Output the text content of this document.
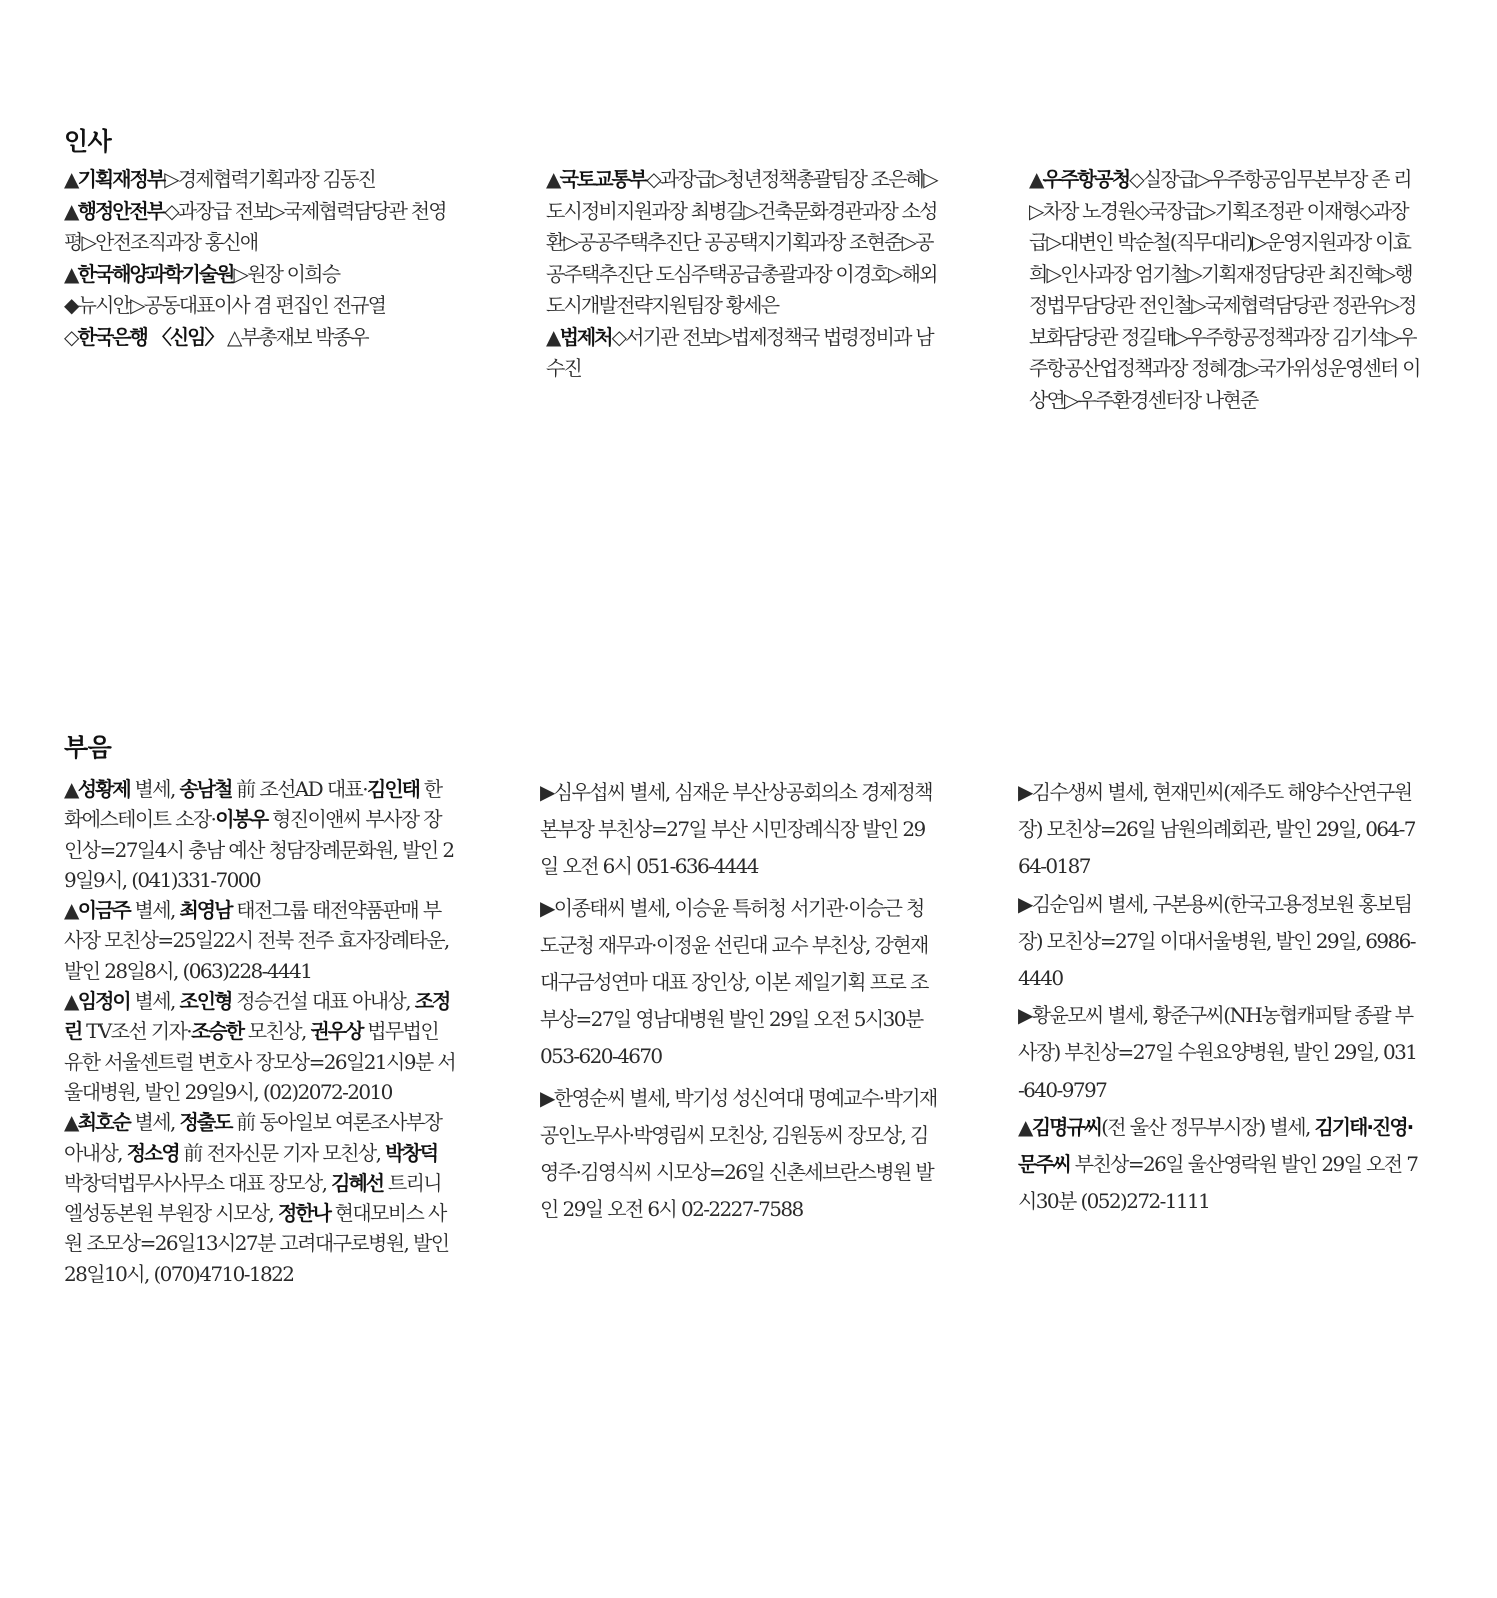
인사

▲기획재정부▷경제협력기획과장 김동진

▲행정안전부◇과장급 전보▷국제협력담당관 천영평▷안전조직과장 홍신애

▲한국해양과학기술원▷원장 이희승

◆뉴시안▷공동대표이사 겸 편집인 전규열

◇한국은행 〈신임〉 △부총재보 박종우

▲국토교통부◇과장급▷청년정책총괄팀장 조은혜▷도시정비지원과장 최병길▷건축문화경관과장 소성환▷공공주택추진단 공공택지기획과장 조현준▷공공주택추진단 도심주택공급총괄과장 이경호▷해외도시개발전략지원팀장 황세은

▲법제처◇서기관 전보▷법제정책국 법령정비과 남수진

▲우주항공청◇실장급▷우주항공임무본부장 존 리▷차장 노경원◇국장급▷기획조정관 이재형◇과장급▷대변인 박순철(직무대리)▷운영지원과장 이효희▷인사과장 엄기철▷기획재정담당관 최진혁▷행정법무담당관 전인철▷국제협력담당관 정관우▷정보화담당관 정길태▷우주항공정책과장 김기석▷우주항공산업정책과장 정혜경▷국가위성운영센터 이상연▷우주환경센터장 나현준

부음

▲성황제 별세, 송남철 前 조선AD 대표·김인태 한화에스테이트 소장·이봉우 형진이앤씨 부사장 장인상=27일4시 충남 예산 청담장례문화원, 발인 29일9시, (041)331-7000

▲이금주 별세, 최영남 태전그룹 태전약품판매 부사장 모친상=25일22시 전북 전주 효자장례타운, 발인 28일8시, (063)228-4441

▲임정이 별세, 조인형 정승건설 대표 아내상, 조정린 TV조선 기자·조승한 모친상, 권우상 법무법인 유한 서울센트럴 변호사 장모상=26일21시9분 서울대병원, 발인 29일9시, (02)2072-2010

▲최호순 별세, 정출도 前 동아일보 여론조사부장 아내상, 정소영 前 전자신문 기자 모친상, 박창덕 박창덕법무사사무소 대표 장모상, 김혜선 트리니엘성동본원 부원장 시모상, 정한나 현대모비스 사원 조모상=26일13시27분 고려대구로병원, 발인 28일10시, (070)4710-1822

▶심우섭씨 별세, 심재운 부산상공회의소 경제정책본부장 부친상=27일 부산 시민장례식장 발인 29일 오전 6시 051-636-4444

▶이종태씨 별세, 이승윤 특허청 서기관·이승근 청도군청 재무과·이정윤 선린대 교수 부친상, 강현재 대구금성연마 대표 장인상, 이본 제일기획 프로 조부상=27일 영남대병원 발인 29일 오전 5시30분 053-620-4670

▶한영순씨 별세, 박기성 성신여대 명예교수·박기재 공인노무사·박영림씨 모친상, 김원동씨 장모상, 김영주·김영식씨 시모상=26일 신촌세브란스병원 발인 29일 오전 6시 02-2227-7588

▶김수생씨 별세, 현재민씨(제주도 해양수산연구원장) 모친상=26일 남원의례회관, 발인 29일, 064-764-0187

▶김순임씨 별세, 구본용씨(한국고용정보원 홍보팀장) 모친상=27일 이대서울병원, 발인 29일, 6986-4440

▶황윤모씨 별세, 황준구씨(NH농협캐피탈 종괄 부사장) 부친상=27일 수원요양병원, 발인 29일, 031-640-9797

▲김명규씨(전 울산 정무부시장) 별세, 김기태·진영·문주씨 부친상=26일 울산영락원 발인 29일 오전 7시30분 (052)272-1111
